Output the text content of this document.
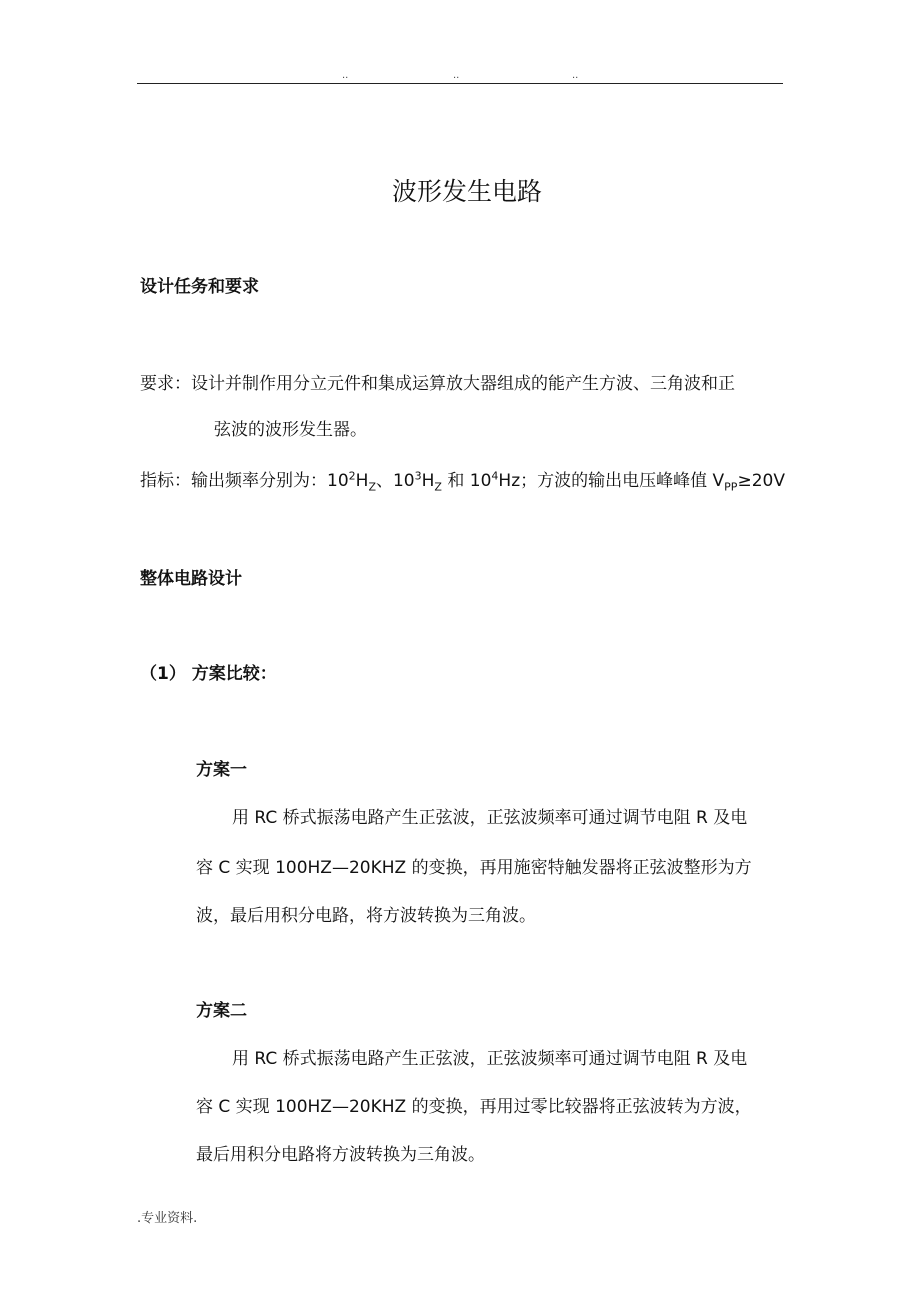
..	..	..
波形发生电路
设计任务和要求
要求：设计并制作用分立元件和集成运算放大器组成的能产生方波、三角波和正
弦波的波形发生器。
指标：输出频率分别为：$10^2H_Z$、$10^3H_Z$ 和 $10^4Hz$；方波的输出电压峰峰值 $V_{PP}\ge 20V$
整体电路设计
（1） 方案比较：
方案一
用 RC 桥式振荡电路产生正弦波，正弦波频率可通过调节电阻 R 及电
容 C 实现 100HZ—20KHZ 的变换，再用施密特触发器将正弦波整形为方
波，最后用积分电路，将方波转换为三角波。
方案二
用 RC 桥式振荡电路产生正弦波，正弦波频率可通过调节电阻 R 及电
容 C 实现 100HZ—20KHZ 的变换，再用过零比较器将正弦波转为方波，
最后用积分电路将方波转换为三角波。
.专业资料.
